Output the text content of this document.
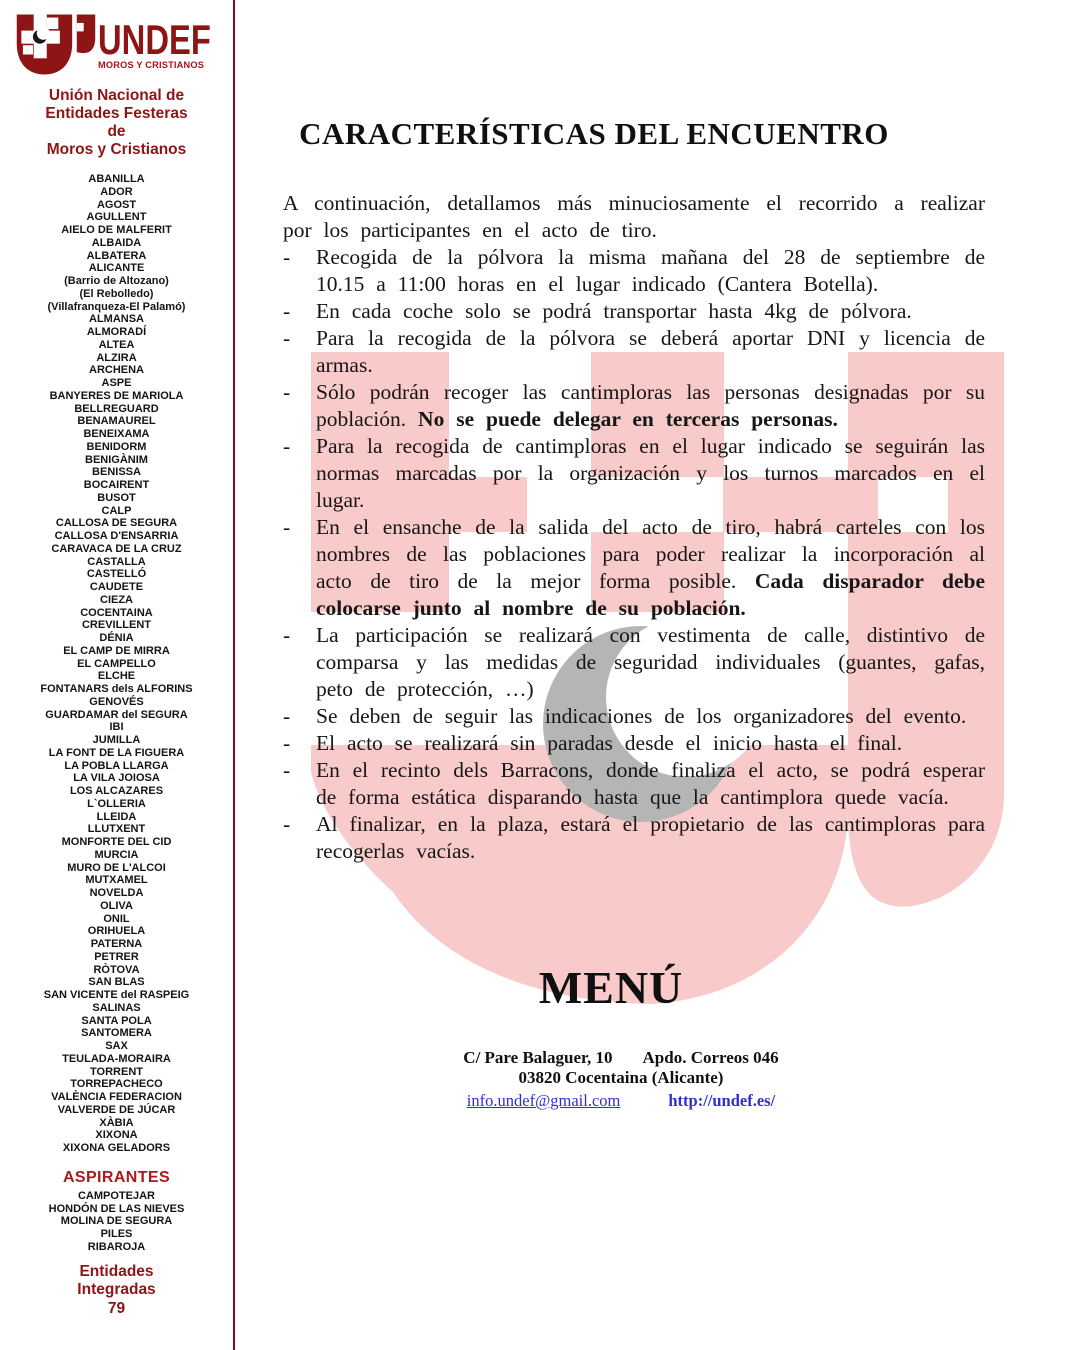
UNDEF
MOROS Y CRISTIANOS
Unión Nacional de
Entidades Festeras
de
Moros y Cristianos
ABANILLA
ADOR
AGOST
AGULLENT
AIELO DE MALFERIT
ALBAIDA
ALBATERA
ALICANTE
(Barrio de Altozano)
(El Rebolledo)
(Villafranqueza-El Palamó)
ALMANSA
ALMORADÍ
ALTEA
ALZIRA
ARCHENA
ASPE
BANYERES DE MARIOLA
BELLREGUARD
BENAMAUREL
BENEIXAMA
BENIDORM
BENIGÀNIM
BENISSA
BOCAIRENT
BUSOT
CALP
CALLOSA DE SEGURA
CALLOSA D'ENSARRIA
CARAVACA DE LA CRUZ
CASTALLA
CASTELLÓ
CAUDETE
CIEZA
COCENTAINA
CREVILLENT
DÉNIA
EL CAMP DE MIRRA
EL CAMPELLO
ELCHE
FONTANARS dels ALFORINS
GENOVÉS
GUARDAMAR del SEGURA
IBI
JUMILLA
LA FONT DE LA FIGUERA
LA POBLA LLARGA
LA VILA JOIOSA
LOS ALCAZARES
L`OLLERIA
LLEIDA
LLUTXENT
MONFORTE DEL CID
MURCIA
MURO DE L'ALCOI
MUTXAMEL
NOVELDA
OLIVA
ONIL
ORIHUELA
PATERNA
PETRER
RÒTOVA
SAN BLAS
SAN VICENTE del RASPEIG
SALINAS
SANTA POLA
SANTOMERA
SAX
TEULADA-MORAIRA
TORRENT
TORREPACHECO
VALÈNCIA FEDERACION
VALVERDE DE JÚCAR
XÀBIA
XIXONA
XIXONA GELADORS
ASPIRANTES
CAMPOTEJAR
HONDÓN DE LAS NIEVES
MOLINA DE SEGURA
PILES
RIBAROJA
Entidades
Integradas
79
CARACTERÍSTICAS DEL ENCUENTRO
A continuación, detallamos más minuciosamente el recorrido a realizar por los participantes en el acto de tiro.
-	Recogida de la pólvora la misma mañana del 28 de septiembre de 10.15 a 11:00 horas en el lugar indicado (Cantera Botella).
-	En cada coche solo se podrá transportar hasta 4kg de pólvora.
-	Para la recogida de la pólvora se deberá aportar DNI y licencia de armas.
-	Sólo podrán recoger las cantimploras las personas designadas por su población. No se puede delegar en terceras personas.
-	Para la recogida de cantimploras en el lugar indicado se seguirán las normas marcadas por la organización y los turnos marcados en el lugar.
-	En el ensanche de la salida del acto de tiro, habrá carteles con los nombres de las poblaciones para poder realizar la incorporación al acto de tiro de la mejor forma posible. Cada disparador debe colocarse junto al nombre de su población.
-	La participación se realizará con vestimenta de calle, distintivo de comparsa y las medidas de seguridad individuales (guantes, gafas, peto de protección, …)
-	Se deben de seguir las indicaciones de los organizadores del evento.
-	El acto se realizará sin paradas desde el inicio hasta el final.
-	En el recinto dels Barracons, donde finaliza el acto, se podrá esperar de forma estática disparando hasta que la cantimplora quede vacía.
-	Al finalizar, en la plaza, estará el propietario de las cantimploras para recogerlas vacías.
MENÚ
C/ Pare Balaguer, 10 Apdo. Correos 046
03820 Cocentaina (Alicante)
info.undef@gmail.com	http://undef.es/
